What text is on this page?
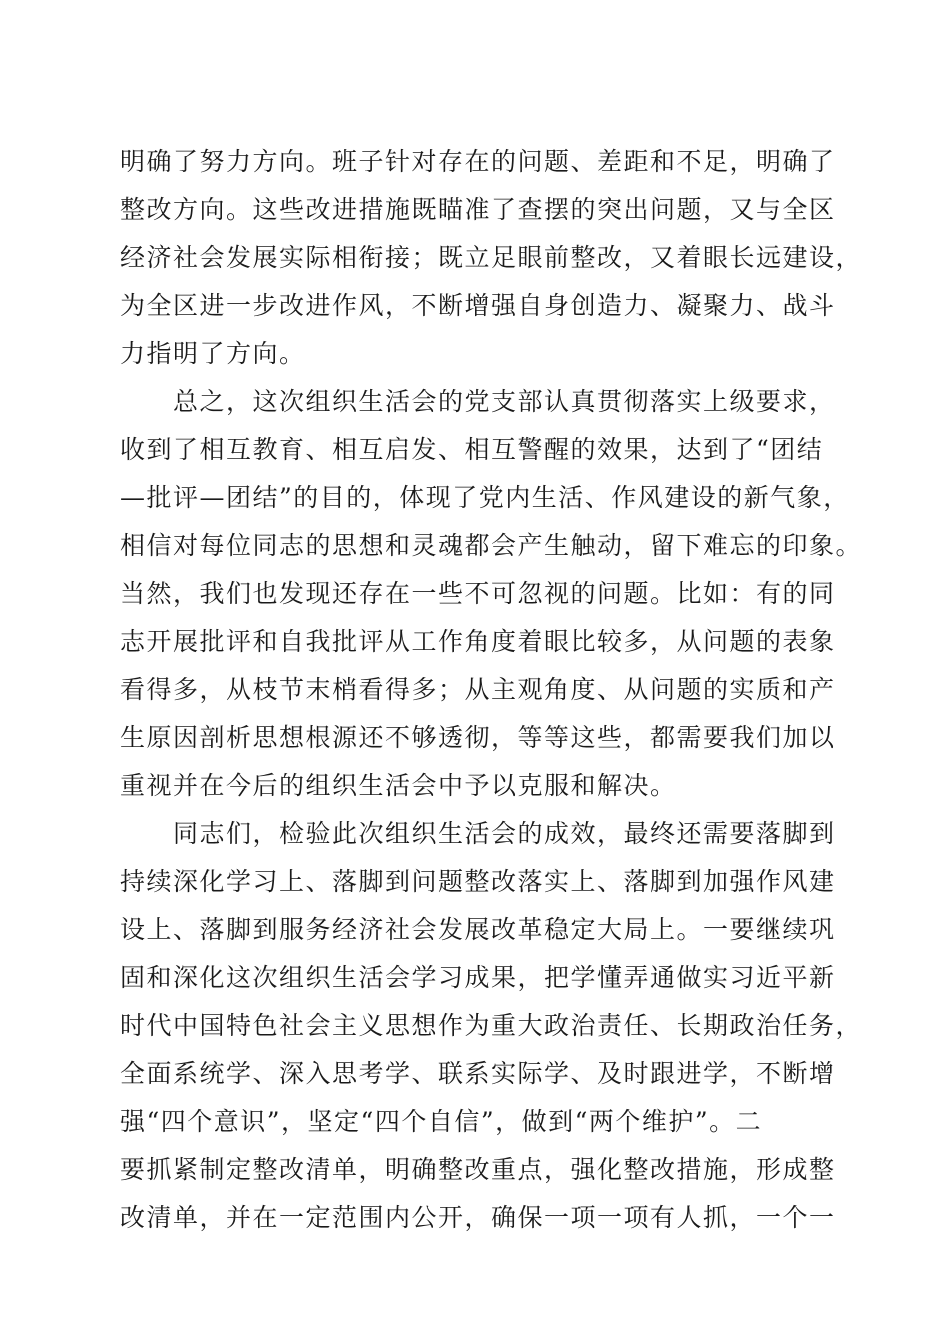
明确了努力方向。班子针对存在的问题、差距和不足，明确了
整改方向。这些改进措施既瞄准了查摆的突出问题，又与全区
经济社会发展实际相衔接；既立足眼前整改，又着眼长远建设，
为全区进一步改进作风，不断增强自身创造力、凝聚力、战斗
力指明了方向。
　　总之，这次组织生活会的党支部认真贯彻落实上级要求，
收到了相互教育、相互启发、相互警醒的效果，达到了“团结
—批评—团结”的目的，体现了党内生活、作风建设的新气象，
相信对每位同志的思想和灵魂都会产生触动，留下难忘的印象。
当然，我们也发现还存在一些不可忽视的问题。比如：有的同
志开展批评和自我批评从工作角度着眼比较多，从问题的表象
看得多，从枝节末梢看得多；从主观角度、从问题的实质和产
生原因剖析思想根源还不够透彻，等等这些，都需要我们加以
重视并在今后的组织生活会中予以克服和解决。
　　同志们，检验此次组织生活会的成效，最终还需要落脚到
持续深化学习上、落脚到问题整改落实上、落脚到加强作风建
设上、落脚到服务经济社会发展改革稳定大局上。一要继续巩
固和深化这次组织生活会学习成果，把学懂弄通做实习近平新
时代中国特色社会主义思想作为重大政治责任、长期政治任务，
全面系统学、深入思考学、联系实际学、及时跟进学，不断增
强“四个意识”，坚定“四个自信”，做到“两个维护”。二
要抓紧制定整改清单，明确整改重点，强化整改措施，形成整
改清单，并在一定范围内公开，确保一项一项有人抓，一个一
